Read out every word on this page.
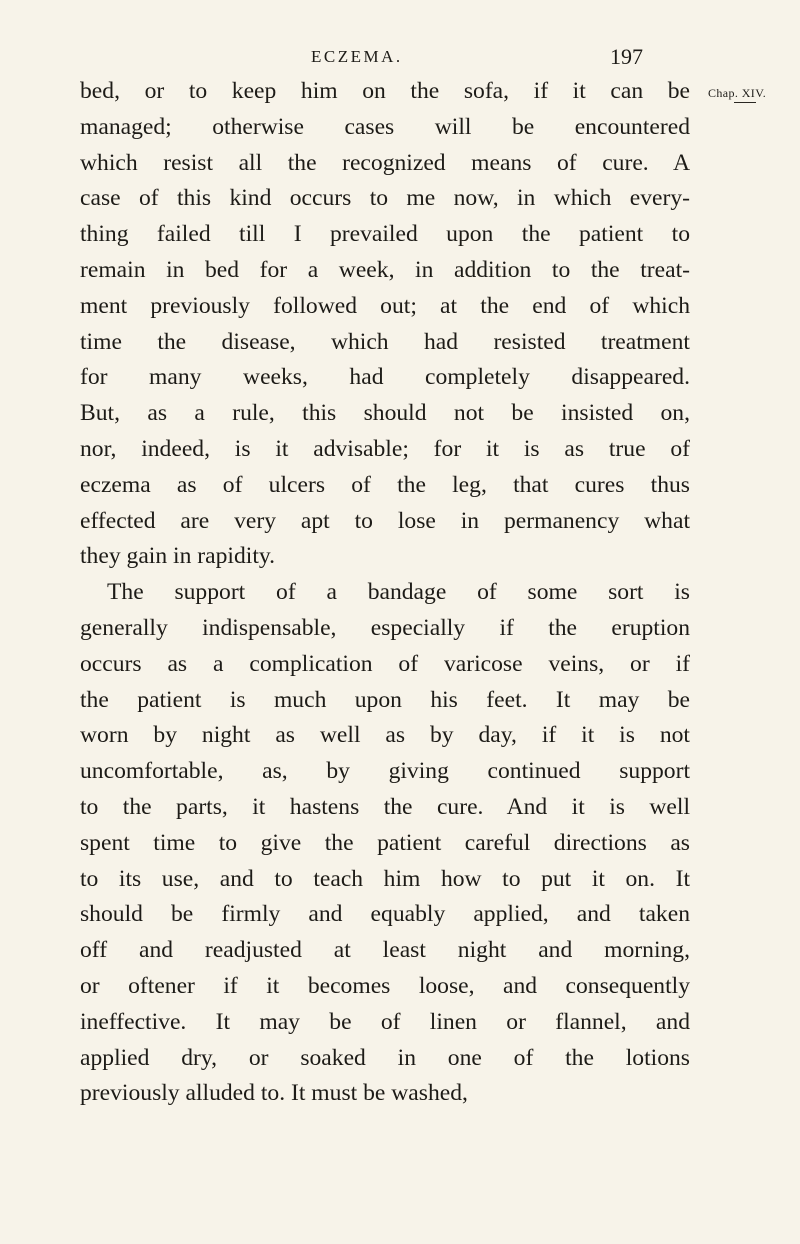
ECZEMA.	197
Chap. XIV.
bed, or to keep him on the sofa, if it can be
managed; otherwise cases will be encountered
which resist all the recognized means of cure. A
case of this kind occurs to me now, in which every-
thing failed till I prevailed upon the patient to
remain in bed for a week, in addition to the treat-
ment previously followed out; at the end of which
time the disease, which had resisted treatment
for many weeks, had completely disappeared.
But, as a rule, this should not be insisted on,
nor, indeed, is it advisable; for it is as true of
eczema as of ulcers of the leg, that cures thus
effected are very apt to lose in permanency what
they gain in rapidity.
The support of a bandage of some sort is
generally indispensable, especially if the eruption
occurs as a complication of varicose veins, or if
the patient is much upon his feet. It may be
worn by night as well as by day, if it is not
uncomfortable, as, by giving continued support
to the parts, it hastens the cure. And it is well
spent time to give the patient careful directions as
to its use, and to teach him how to put it on. It
should be firmly and equably applied, and taken
off and readjusted at least night and morning,
or oftener if it becomes loose, and consequently
ineffective. It may be of linen or flannel, and
applied dry, or soaked in one of the lotions
previously alluded to. It must be washed,
